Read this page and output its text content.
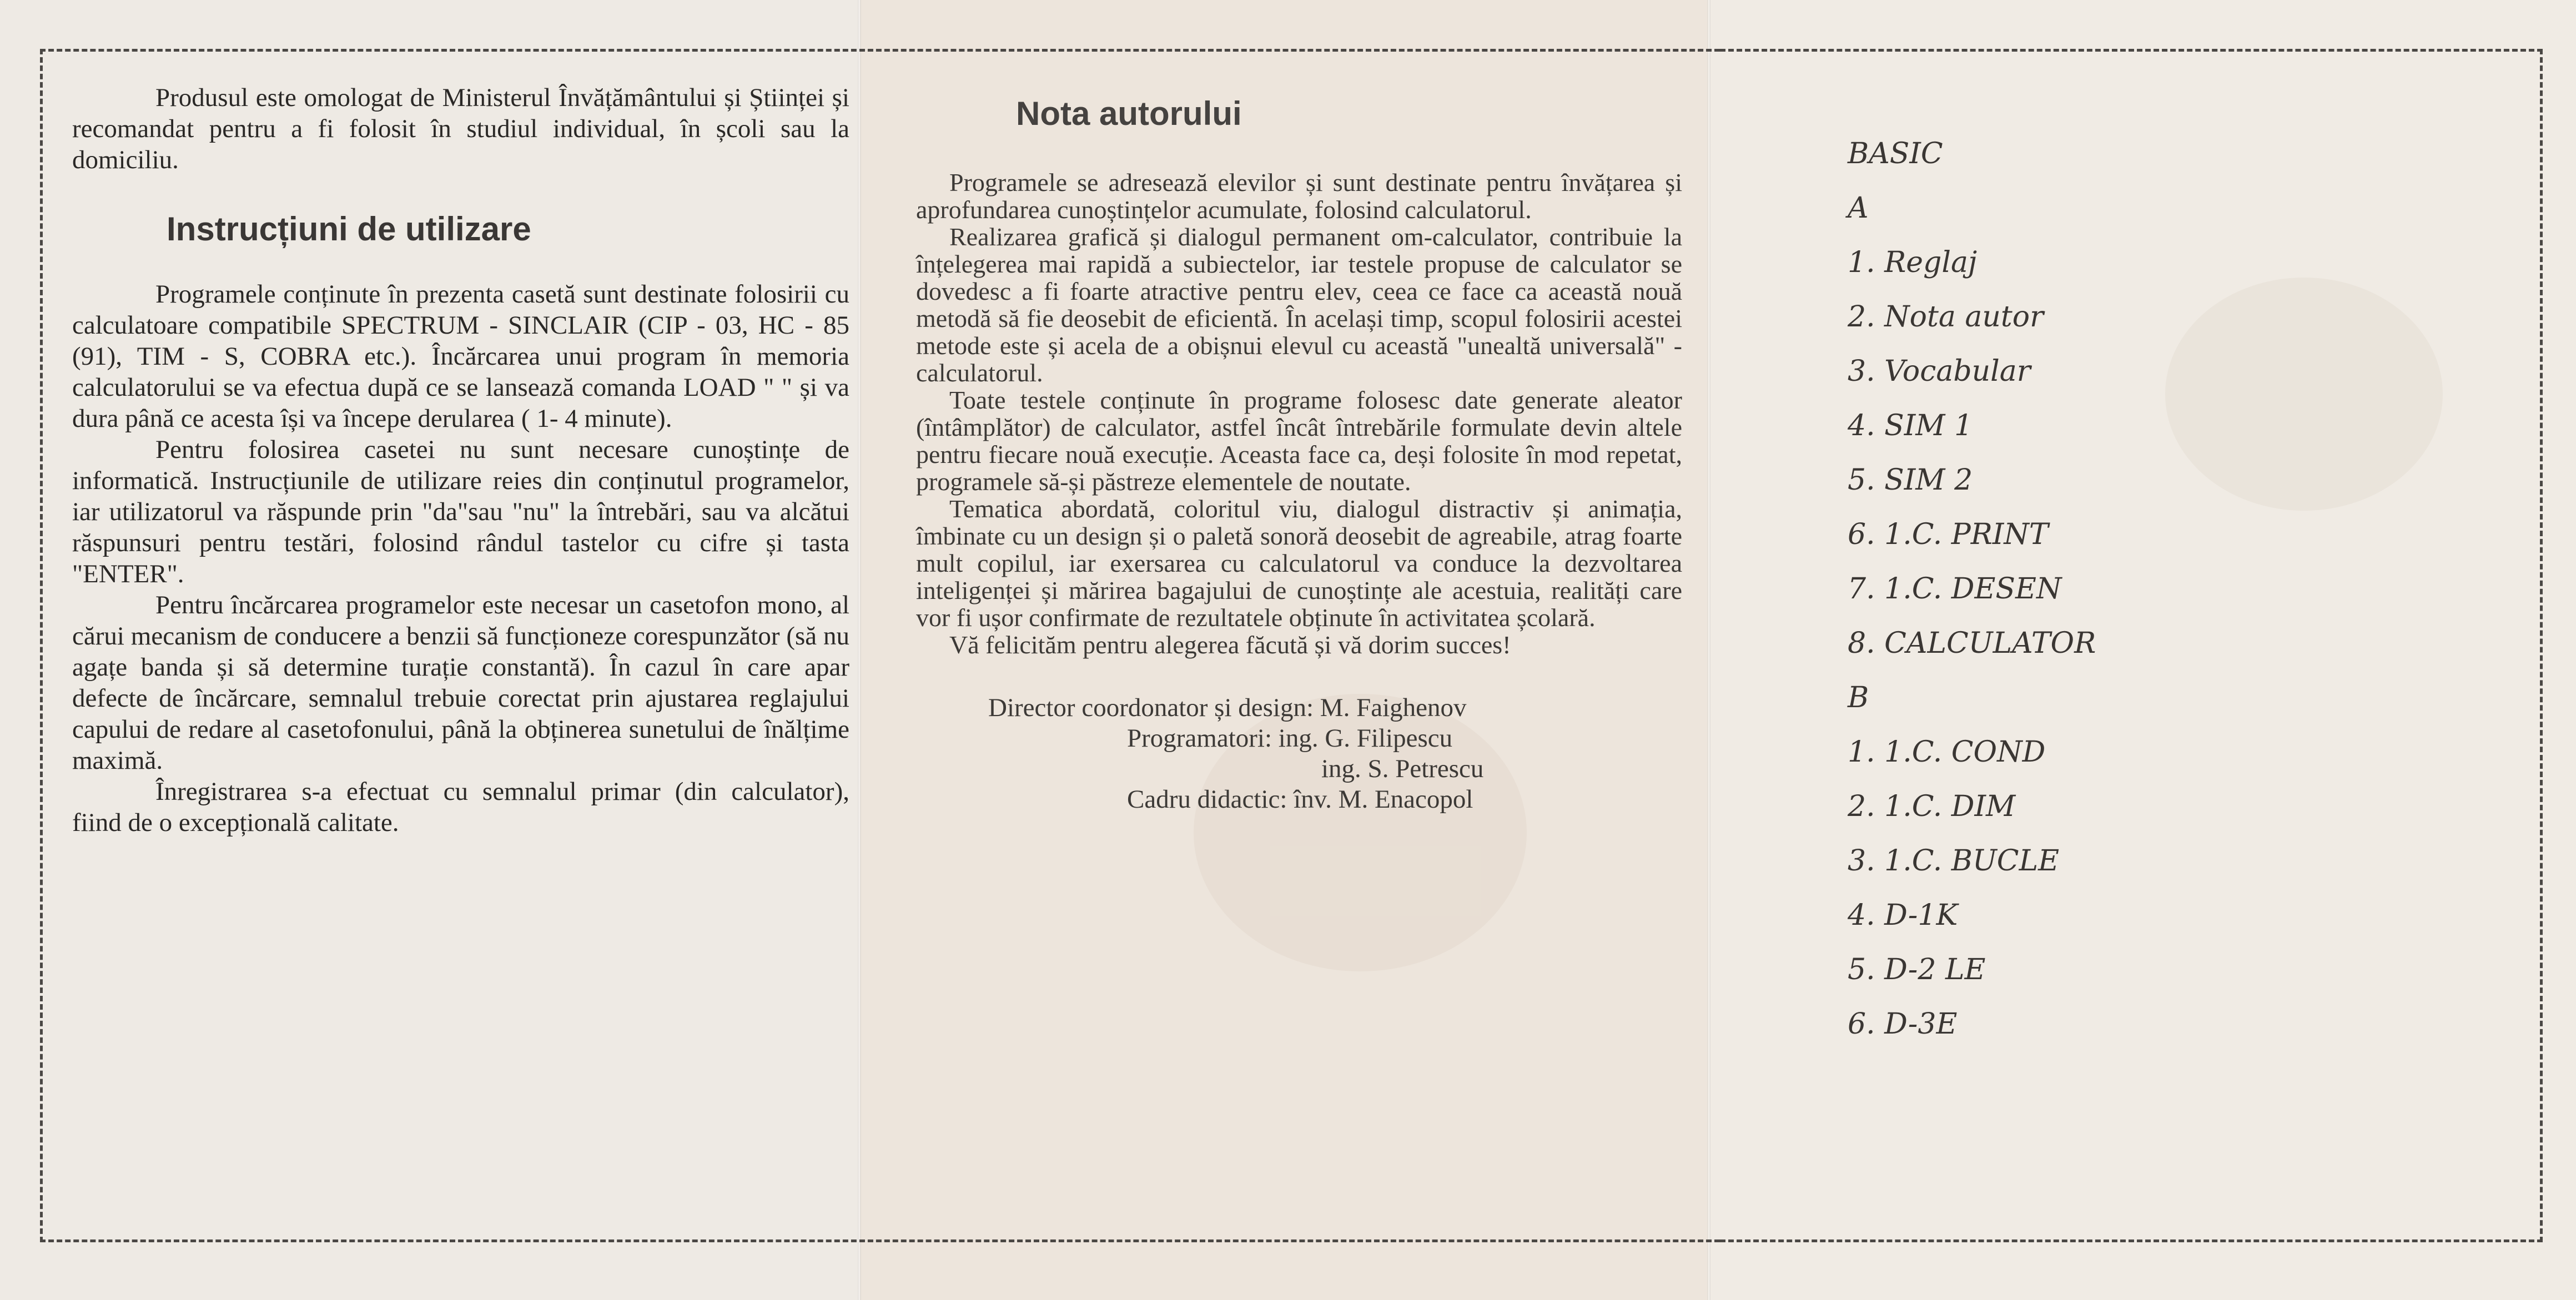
Produsul este omologat de Ministerul Învățământului și Științei și recomandat pentru a fi folosit în studiul individual, în școli sau la domiciliu.

Instrucțiuni de utilizare

Programele conținute în prezenta casetă sunt destinate folosirii cu calculatoare compatibile SPECTRUM - SINCLAIR (CIP - 03, HC - 85 (91), TIM - S, COBRA etc.). Încărcarea unui program în memoria calculatorului se va efectua după ce se lansează comanda LOAD " " și va dura până ce acesta își va începe derularea ( 1- 4 minute).

Pentru folosirea casetei nu sunt necesare cunoștințe de informatică. Instrucțiunile de utilizare reies din conținutul programelor, iar utilizatorul va răspunde prin "da"sau "nu" la întrebări, sau va alcătui răspunsuri pentru testări, folosind rândul tastelor cu cifre și tasta "ENTER".

Pentru încărcarea programelor este necesar un casetofon mono, al cărui mecanism de conducere a benzii să funcționeze corespunzător (să nu agațe banda și să determine turație constantă). În cazul în care apar defecte de încărcare, semnalul trebuie corectat prin ajustarea reglajului capului de redare al casetofonului, până la obținerea sunetului de înălțime maximă.

Înregistrarea s-a efectuat cu semnalul primar (din calculator), fiind de o excepțională calitate.

Nota autorului

Programele se adresează elevilor și sunt destinate pentru învățarea și aprofundarea cunoștințelor acumulate, folosind calculatorul.

Realizarea grafică și dialogul permanent om-calculator, contribuie la înțelegerea mai rapidă a subiectelor, iar testele propuse de calculator se dovedesc a fi foarte atractive pentru elev, ceea ce face ca această nouă metodă să fie deosebit de eficientă. În același timp, scopul folosirii acestei metode este și acela de a obișnui elevul cu această "unealtă universală" - calculatorul.

Toate testele conținute în programe folosesc date generate aleator (întâmplător) de calculator, astfel încât întrebările formulate devin altele pentru fiecare nouă execuție. Aceasta face ca, deși folosite în mod repetat, programele să-și păstreze elementele de noutate.

Tematica abordată, coloritul viu, dialogul distractiv și animația, îmbinate cu un design și o paletă sonoră deosebit de agreabile, atrag foarte mult copilul, iar exersarea cu calculatorul va conduce la dezvoltarea inteligenței și mărirea bagajului de cunoștințe ale acestuia, realități care vor fi ușor confirmate de rezultatele obținute în activitatea școlară.

Vă felicităm pentru alegerea făcută și vă dorim succes!

Director coordonator și design: M. Faighenov
Programatori: ing. G. Filipescu
ing. S. Petrescu
Cadru didactic: înv. M. Enacopol
BASIC
A
1. Reglaj
2. Nota autor
3. Vocabular
4. SIM 1
5. SIM 2
6. 1.C. PRINT
7. 1.C. DESEN
8. CALCULATOR
B
1. 1.C. COND
2. 1.C. DIM
3. 1.C. BUCLE
4. D-1K
5. D-2 LE
6. D-3E
